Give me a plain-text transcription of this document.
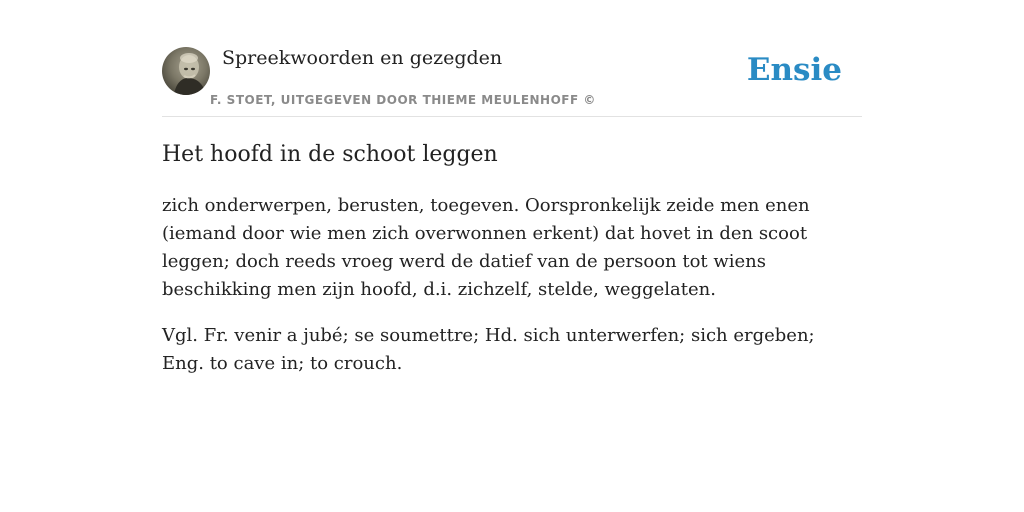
Spreekwoorden en gezegden
F. STOET, UITGEGEVEN DOOR THIEME MEULENHOFF ©
Ensie
Het hoofd in de schoot leggen

zich onderwerpen, berusten, toegeven. Oorspronkelijk zeide men enen (iemand door wie men zich overwonnen erkent) dat hovet in den scoot leggen; doch reeds vroeg werd de datief van de persoon tot wiens beschikking men zijn hoofd, d.i. zichzelf, stelde, weggelaten.

Vgl. Fr. venir a jubé; se soumettre; Hd. sich unterwerfen; sich ergeben; Eng. to cave in; to crouch.
